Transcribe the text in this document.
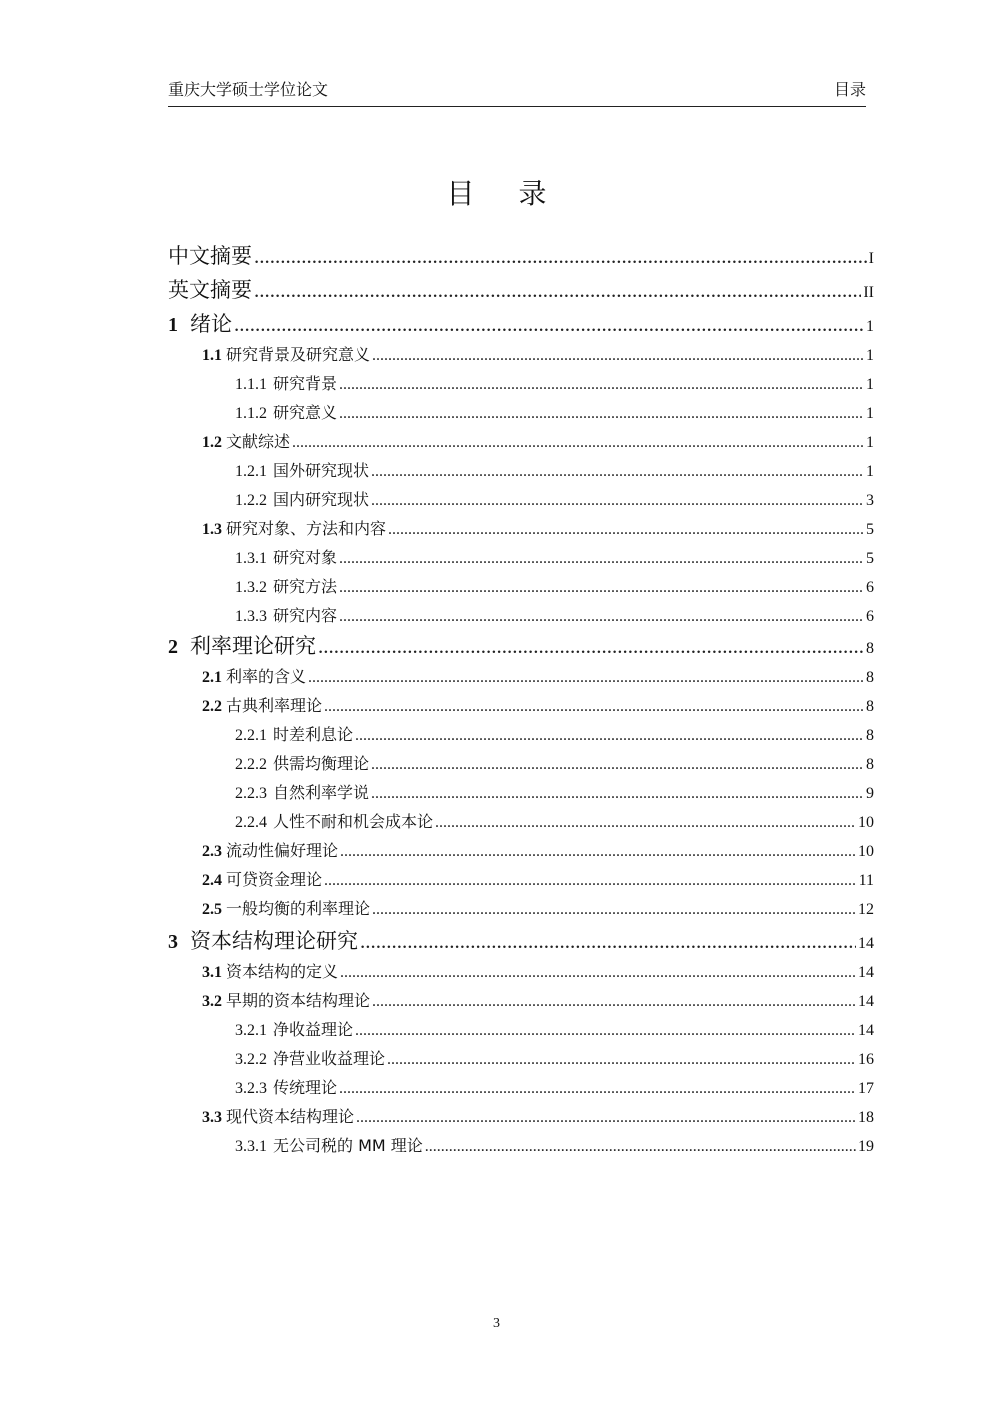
重庆大学硕士学位论文	目录
目录
中文摘要 .....	I
英文摘要 .....	II
1 绪论 .....	1
1.1 研究背景及研究意义 .....	1
1.1.1 研究背景 .....	1
1.1.2 研究意义 .....	1
1.2 文献综述 .....	1
1.2.1 国外研究现状 .....	1
1.2.2 国内研究现状 .....	3
1.3 研究对象、方法和内容 .....	5
1.3.1 研究对象 .....	5
1.3.2 研究方法 .....	6
1.3.3 研究内容 .....	6
2 利率理论研究 .....	8
2.1 利率的含义 .....	8
2.2 古典利率理论 .....	8
2.2.1 时差利息论 .....	8
2.2.2 供需均衡理论 .....	8
2.2.3 自然利率学说 .....	9
2.2.4 人性不耐和机会成本论 .....	10
2.3 流动性偏好理论 .....	10
2.4 可贷资金理论 .....	11
2.5 一般均衡的利率理论 .....	12
3 资本结构理论研究 .....	14
3.1 资本结构的定义 .....	14
3.2 早期的资本结构理论 .....	14
3.2.1 净收益理论 .....	14
3.2.2 净营业收益理论 .....	16
3.2.3 传统理论 .....	17
3.3 现代资本结构理论 .....	18
3.3.1 无公司税的 MM 理论 .....	19
3
